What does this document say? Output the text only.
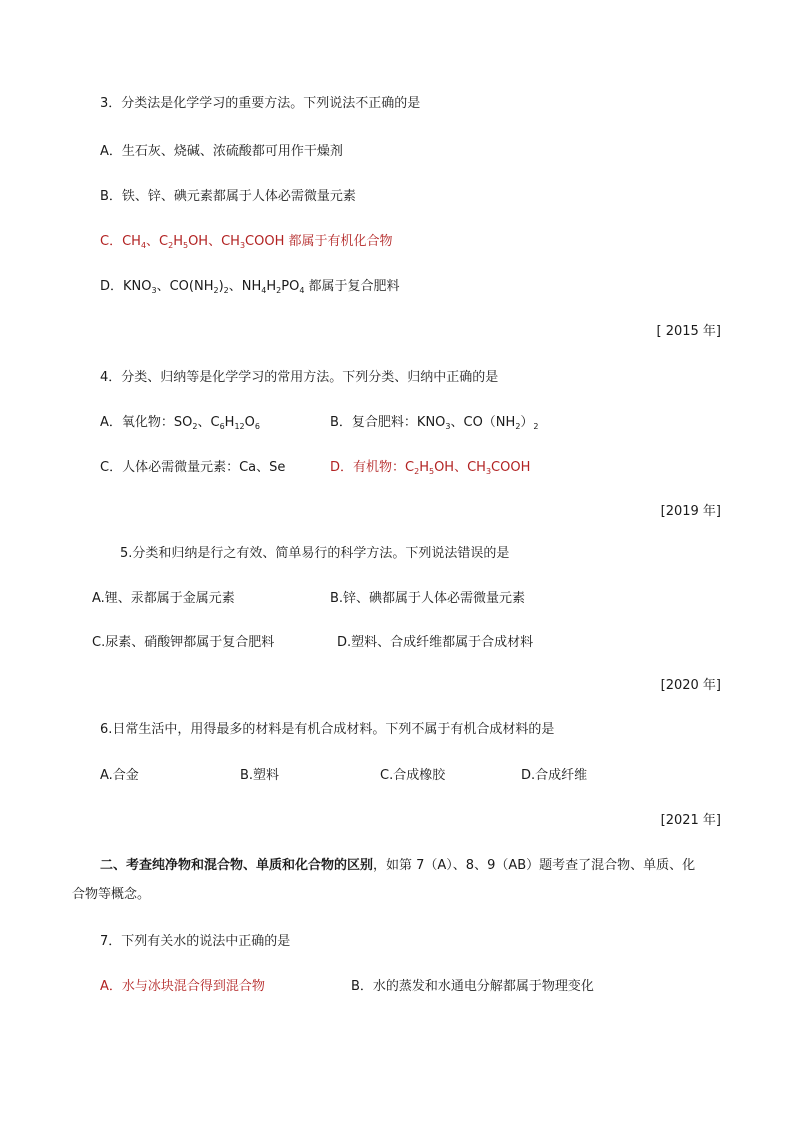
3．分类法是化学学习的重要方法。下列说法不正确的是
A．生石灰、烧碱、浓硫酸都可用作干燥剂
B．铁、锌、碘元素都属于人体必需微量元素
C．$CH_4$、$C_2H_5OH$、$CH_3COOH$ 都属于有机化合物
D．$KNO_3$、$CO(NH_2)_2$、$NH_4H_2PO_4$ 都属于复合肥料
[ 2015 年]
4．分类、归纳等是化学学习的常用方法。下列分类、归纳中正确的是
A．氧化物：$SO_2$、$C_6H_{12}O_6$	B．复合肥料：$KNO_3$、$CO(NH_2)_2$
C．人体必需微量元素：Ca、Se	D．有机物：$C_2H_5OH$、$CH_3COOH$
[2019 年]
5.分类和归纳是行之有效、简单易行的科学方法。下列说法错误的是
A.锂、汞都属于金属元素	B.锌、碘都属于人体必需微量元素
C.尿素、硝酸钾都属于复合肥料	D.塑料、合成纤维都属于合成材料
[2020 年]
6.日常生活中，用得最多的材料是有机合成材料。下列不属于有机合成材料的是
A.合金	B.塑料	C.合成橡胶	D.合成纤维
[2021 年]
二、考查纯净物和混合物、单质和化合物的区别，如第 7（A）、8、9（AB）题考查了混合物、单质、化
合物等概念。
7．下列有关水的说法中正确的是
A．水与冰块混合得到混合物	B．水的蒸发和水通电分解都属于物理变化
